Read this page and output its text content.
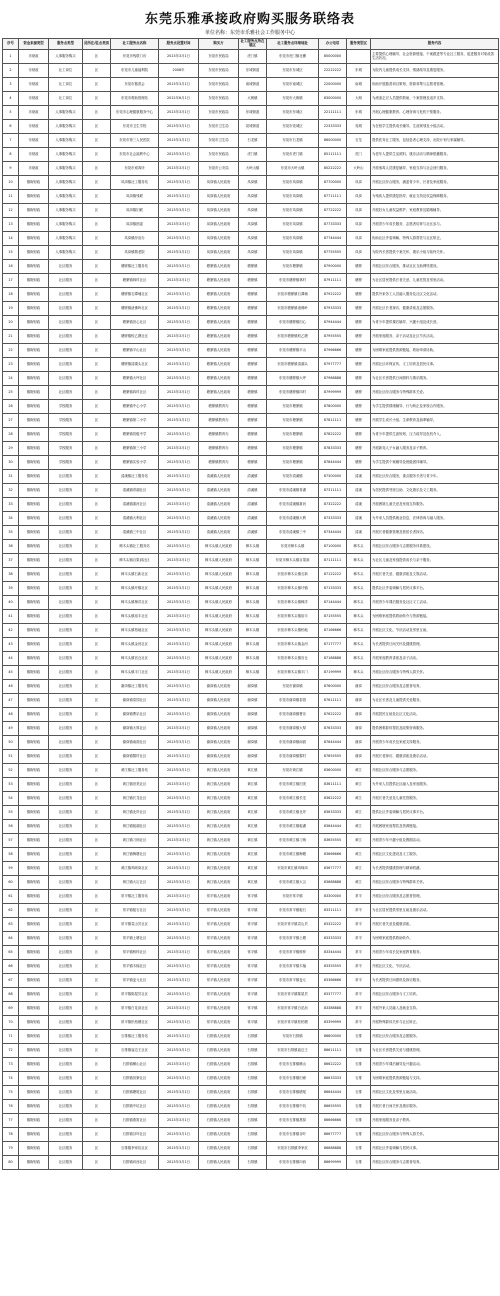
东莞乐雅承接政府购买服务联络表
单位名称：东莞市乐雅社会工作服务中心
序号	资金来源类型	服务点类型	员所在/驻点类别	社工服务点名称	服务点设置时间	购买方	社工服务点所在镇区	社工服务点详细地址	办公电话	服务类型区	服务内容
1	市财政	人事服务购买	区	东莞市残联门诊	2013年3月1日	东莞市民政局	虎门镇	东莞市虎门镇北栅	85000000		主要提供心理辅导、社会资源链接、个案跟进等专业社工服务，促进服务对象改善生活状况。
2	市财政	社工岗位	区	东莞市儿童福利院	2008年	东莞市民政局	东城街道	东莞市东城区	22222222	东城	为院内儿童提供成长支持、情绪疏导及康复服务。
3	市财政	社工岗位	区	东莞市慈善会	2013年3月1日	东莞市民政局	南城街道	东莞市南城区	22000000	南城	协助开展慈善项目策划、资源募集与志愿者管理。
4	市财政	社工岗位	区	东莞市救助管理站	2012年6月1日	东莞市民政局	大朗镇	东莞市大朗镇	83000000	大朗	为流浪乞讨人员提供救助、个案管理及返乡支持。
5	市财政	人事服务购买	区	东莞市心理健康服务中心	2013年3月1日	东莞市民政局	东城街道	东莞市东城区	22111111	东城	开展心理健康教育、心理咨询与危机干预服务。
6	市财政	人事服务购买	区	东莞市卫生学校	2013年3月1日	东莞市卫生局	莞城街道	东莞市莞城区	22333333	莞城	为在校学生提供成长辅导、生涯规划及小组活动。
7	市财政	人事服务购买	区	东莞市第三人民医院	2013年3月1日	东莞市卫生局	石龙镇	东莞市石龙镇	86000000	石龙	提供医务社工服务，包括患者心理支持、出院计划与家属辅导。
8	市财政	人事服务购买	区	东莞市社会福利中心	2013年3月1日	东莞市民政局	虎门镇	东莞市虎门镇	85111111	虎门	为老年人提供生活照料、康乐活动与精神慰藉服务。
9	市财政	人事服务购买	区	东莞市戒毒所	2013年3月1日	东莞市公安局	大岭山镇	东莞市大岭山镇	85222222	大岭山	开展戒毒人员康复辅导、家庭支持与社会回归服务。
10	镇街财政	人事服务购买	区	凤岗镇社工服务站	2013年3月1日	凤岗镇人民政府	凤岗镇	东莞市凤岗镇	87700000	凤岗	开展社区综合服务，涵盖青少年、长者及家庭服务。
11	镇街财政	人事服务购买	区	凤岗镇残联	2013年3月1日	凤岗镇人民政府	凤岗镇	东莞市凤岗镇	87711111	凤岗	为残疾人提供康复指导、就业支持及权益保障服务。
12	镇街财政	人事服务购买	区	凤岗镇妇联	2013年3月1日	凤岗镇人民政府	凤岗镇	东莞市凤岗镇	87722222	凤岗	开展妇女儿童权益维护、家庭教育及婚姻辅导。
13	镇街财政	人事服务购买	区	凤岗镇团委	2013年3月1日	凤岗镇人民政府	凤岗镇	东莞市凤岗镇	87733333	凤岗	开展青少年成长服务、志愿者培育与社区参与。
14	镇街财政	人事服务购买	区	凤岗镇综治办	2013年3月1日	凤岗镇人民政府	凤岗镇	东莞市凤岗镇	87744444	凤岗	协助社区矛盾调解、特殊人群帮扶与社区矫正。
15	镇街财政	人事服务购买	区	凤岗镇敬老院	2013年3月1日	凤岗镇人民政府	凤岗镇	东莞市凤岗镇	87755555	凤岗	为院内长者提供个案关怀、康乐小组与临终关怀。
16	镇街财政	社区服务	区	塘厦镇社工服务站	2013年3月1日	塘厦镇人民政府	塘厦镇	东莞市塘厦镇	87900000	塘厦	开展社区综合服务，推动社区互助网络建设。
17	镇街财政	社区服务	区	塘厦镇林村社区	2013年3月1日	塘厦镇人民政府	塘厦镇	东莞市塘厦镇林村	87911111	塘厦	为社区居民提供长者关爱、儿童托管及邻里活动。
18	镇街财政	社区服务	区	塘厦镇石潭埔社区	2013年3月1日	塘厦镇人民政府	塘厦镇	东莞市塘厦镇石潭埔	87922222	塘厦	提供外来务工人员融入服务及社区文化活动。
19	镇街财政	社区服务	区	塘厦镇诸佛岭社区	2013年3月1日	塘厦镇人民政府	塘厦镇	东莞市塘厦镇诸佛岭	87933333	塘厦	开展社区长者探访、健康讲座及志愿服务。
20	镇街财政	社区服务	区	塘厦镇田心社区	2013年3月1日	塘厦镇人民政府	塘厦镇	东莞市塘厦镇田心	87944444	塘厦	为青少年提供课后辅导、兴趣小组及成长营。
21	镇街财政	社区服务	区	塘厦镇蛟乙塘社区	2013年3月1日	塘厦镇人民政府	塘厦镇	东莞市塘厦镇蛟乙塘	87955555	塘厦	开展家庭服务、亲子活动及社区节庆活动。
22	镇街财政	社区服务	区	塘厦镇平山社区	2013年3月1日	塘厦镇人民政府	塘厦镇	东莞市塘厦镇平山	87966666	塘厦	为困难家庭提供资源链接、救助申请协助。
23	镇街财政	社区服务	区	塘厦镇清湖头社区	2013年3月1日	塘厦镇人民政府	塘厦镇	东莞市塘厦镇清湖头	87977777	塘厦	开展社区环保宣传、义工培育及居民议事。
24	镇街财政	社区服务	区	塘厦镇大坪社区	2013年3月1日	塘厦镇人民政府	塘厦镇	东莞市塘厦镇大坪	87988888	塘厦	为社区长者提供日间照料与康乐服务。
25	镇街财政	社区服务	区	塘厦镇四村社区	2013年3月1日	塘厦镇人民政府	塘厦镇	东莞市塘厦镇四村	87999999	塘厦	开展社区综合服务与特殊群体关爱。
26	镇街财政	学校服务	区	塘厦镇中心小学	2013年3月1日	塘厦镇教育办	塘厦镇	东莞市塘厦镇	87800000	塘厦	为学生提供情绪辅导、行为矫正及家校合作服务。
27	镇街财政	学校服务	区	塘厦镇第二小学	2013年3月1日	塘厦镇教育办	塘厦镇	东莞市塘厦镇	87811111	塘厦	开展学生成长小组、生命教育及朋辈辅导。
28	镇街财政	学校服务	区	塘厦镇初级中学	2013年3月1日	塘厦镇教育办	塘厦镇	东莞市塘厦镇	87822222	塘厦	为青少年提供生涯规划、压力疏导及危机介入。
29	镇街财政	学校服务	区	塘厦镇第三小学	2013年3月1日	塘厦镇教育办	塘厦镇	东莞市塘厦镇	87833333	塘厦	开展新莞人子女融入服务及亲子教育。
30	镇街财政	学校服务	区	塘厦镇实验小学	2013年3月1日	塘厦镇教育办	塘厦镇	东莞市塘厦镇	87844444	塘厦	为学生提供个案辅导及班级团体辅导。
31	镇街财政	社区服务	区	清溪镇社工服务站	2013年3月1日	清溪镇人民政府	清溪镇	东莞市清溪镇	87300000	清溪	开展社区综合服务，重点服务长者与青少年。
32	镇街财政	社区服务	区	清溪镇青湖社区	2013年3月1日	清溪镇人民政府	清溪镇	东莞市清溪镇青湖	87311111	清溪	为居民提供邻里互助、文化康乐及义工服务。
33	镇街财政	社区服务	区	清溪镇重河社区	2013年3月1日	清溪镇人民政府	清溪镇	东莞市清溪镇重河	87322222	清溪	开展困境儿童关爱及家庭支持服务。
34	镇街财政	社区服务	区	清溪镇大利社区	2013年3月1日	清溪镇人民政府	清溪镇	东莞市清溪镇大利	87333333	清溪	为外来人员提供就业信息、法律咨询与融入服务。
35	镇街财政	社区服务	区	清溪镇三中社区	2013年3月1日	清溪镇人民政府	清溪镇	东莞市清溪镇三中	87344444	清溪	开展长者健康管理及独居长者探访。
36	镇街财政	社区服务	区	樟木头镇社工服务站	2013年3月1日	樟木头镇人民政府	樟木头镇	东莞市樟木头镇	87100000	樟木头	开展社区综合服务与志愿服务体系建设。
37	镇街财政	社区服务	区	樟木头镇百果洞社区	2013年3月1日	樟木头镇人民政府	樟木头镇	东莞市樟木头镇百果洞	87111111	樟木头	为社区儿童及家庭提供成长与亲子服务。
38	镇街财政	社区服务	区	樟木头镇石新社区	2013年3月1日	樟木头镇人民政府	樟木头镇	东莞市樟木头镇石新	87122222	樟木头	开展长者关爱、健康讲座及文娱活动。
39	镇街财政	社区服务	区	樟木头镇圩镇社区	2013年3月1日	樟木头镇人民政府	樟木头镇	东莞市樟木头镇圩镇	87133333	樟木头	提供社区矛盾调解与居民议事平台。
40	镇街财政	社区服务	区	樟木头镇樟洋社区	2013年3月1日	樟木头镇人民政府	樟木头镇	东莞市樟木头镇樟洋	87144444	樟木头	开展青少年课后服务及社区义工活动。
41	镇街财政	社区服务	区	樟木头镇裕丰社区	2013年3月1日	樟木头镇人民政府	樟木头镇	东莞市樟木头镇裕丰	87155555	樟木头	为困难家庭提供救助转介与资源链接。
42	镇街财政	社区服务	区	樟木头镇柏地社区	2013年3月1日	樟木头镇人民政府	樟木头镇	东莞市樟木头镇柏地	87166666	樟木头	开展社区文化、节庆活动及邻里互助。
43	镇街财政	社区服务	区	樟木头镇金河社区	2013年3月1日	樟木头镇人民政府	樟木头镇	东莞市樟木头镇金河	87177777	樟木头	为长者提供日间关怀及健康管理。
44	镇街财政	社区服务	区	樟木头镇官仓社区	2013年3月1日	樟木头镇人民政府	樟木头镇	东莞市樟木头镇官仓	87188888	樟木头	开展家庭教育讲座及亲子活动。
45	镇街财政	社区服务	区	樟木头镇丰门社区	2013年3月1日	樟木头镇人民政府	樟木头镇	东莞市樟木头镇丰门	87199999	樟木头	开展社区综合服务与特殊人群关怀。
46	镇街财政	社区服务	区	谢岗镇社工服务站	2013年3月1日	谢岗镇人民政府	谢岗镇	东莞市谢岗镇	87600000	谢岗	开展社区综合服务及志愿者培育。
47	镇街财政	社区服务	区	谢岗镇泰园社区	2013年3月1日	谢岗镇人民政府	谢岗镇	东莞市谢岗镇泰园	87611111	谢岗	为社区长者及儿童提供关爱服务。
48	镇街财政	社区服务	区	谢岗镇曹乐社区	2013年3月1日	谢岗镇人民政府	谢岗镇	东莞市谢岗镇曹乐	87622222	谢岗	开展居民互助及社区文化活动。
49	镇街财政	社区服务	区	谢岗镇大厚社区	2013年3月1日	谢岗镇人民政府	谢岗镇	东莞市谢岗镇大厚	87633333	谢岗	提供困难群体帮扶及政策咨询服务。
50	镇街财政	社区服务	区	谢岗镇南面社区	2013年3月1日	谢岗镇人民政府	谢岗镇	东莞市谢岗镇南面	87644444	谢岗	开展青少年成长及家庭支持服务。
51	镇街财政	社区服务	区	谢岗镇黎村社区	2013年3月1日	谢岗镇人民政府	谢岗镇	东莞市谢岗镇黎村	87655555	谢岗	开展长者探访、健康讲座及康乐活动。
52	镇街财政	社区服务	区	黄江镇社工服务站	2013年3月1日	黄江镇人民政府	黄江镇	东莞市黄江镇	83600000	黄江	开展社区综合服务与志愿服务。
53	镇街财政	社区服务	区	黄江镇田美社区	2013年3月1日	黄江镇人民政府	黄江镇	东莞市黄江镇田美	83611111	黄江	为外来人员提供社区融入及家庭服务。
54	镇街财政	社区服务	区	黄江镇长龙社区	2013年3月1日	黄江镇人民政府	黄江镇	东莞市黄江镇长龙	83622222	黄江	开展长者关爱及儿童托管服务。
55	镇街财政	社区服务	区	黄江镇北岸社区	2013年3月1日	黄江镇人民政府	黄江镇	东莞市黄江镇北岸	83633333	黄江	提供社区矛盾调解与居民议事平台。
56	镇街财政	社区服务	区	黄江镇板湖社区	2013年3月1日	黄江镇人民政府	黄江镇	东莞市黄江镇板湖	83644444	黄江	开展困境家庭帮扶及资源链接。
57	镇街财政	社区服务	区	黄江镇刁朗社区	2013年3月1日	黄江镇人民政府	黄江镇	东莞市黄江镇刁朗	83655555	黄江	开展青少年兴趣小组及假期活动。
58	镇街财政	社区服务	区	黄江镇梅塘社区	2013年3月1日	黄江镇人民政府	黄江镇	东莞市黄江镇梅塘	83666666	黄江	开展社区文化建设及义工服务。
59	镇街财政	社区服务	区	黄江镇鸡啼岗社区	2013年3月1日	黄江镇人民政府	黄江镇	东莞市黄江镇鸡啼岗	83677777	黄江	为长者提供健康管理与精神慰藉。
60	镇街财政	社区服务	区	黄江镇大冚社区	2013年3月1日	黄江镇人民政府	黄江镇	东莞市黄江镇大冚	83688888	黄江	开展社区综合服务与特殊群体关怀。
61	镇街财政	社区服务	区	常平镇社工服务站	2013年3月1日	常平镇人民政府	常平镇	东莞市常平镇	83300000	常平	开展社区综合服务及志愿者管理。
62	镇街财政	社区服务	区	常平镇板石社区	2013年3月1日	常平镇人民政府	常平镇	东莞市常平镇板石	83311111	常平	为社区居民提供邻里互助及康乐活动。
63	镇街财政	社区服务	区	常平镇袁山贝社区	2013年3月1日	常平镇人民政府	常平镇	东莞市常平镇袁山贝	83322222	常平	开展长者关爱及健康讲座。
64	镇街财政	社区服务	区	常平镇土塘社区	2013年3月1日	常平镇人民政府	常平镇	东莞市常平镇土塘	83333333	常平	为困难家庭提供救助转介。
65	镇街财政	社区服务	区	常平镇桥梓社区	2013年3月1日	常平镇人民政府	常平镇	东莞市常平镇桥梓	83344444	常平	开展青少年成长及家庭教育服务。
66	镇街财政	社区服务	区	常平镇木棆社区	2013年3月1日	常平镇人民政府	常平镇	东莞市常平镇木棆	83355555	常平	开展社区文化、节庆活动。
67	镇街财政	社区服务	区	常平镇麦元社区	2013年3月1日	常平镇人民政府	常平镇	东莞市常平镇麦元	83366666	常平	为长者提供日间照料及探访服务。
68	镇街财政	社区服务	区	常平镇陈屋贝社区	2013年3月1日	常平镇人民政府	常平镇	东莞市常平镇陈屋贝	83377777	常平	开展社区综合服务与义工培育。
69	镇街财政	社区服务	区	常平镇白花沥社区	2013年3月1日	常平镇人民政府	常平镇	东莞市常平镇白花沥	83388888	常平	开展外来人员融入及就业支持。
70	镇街财政	社区服务	区	常平镇松柏塘社区	2013年3月1日	常平镇人民政府	常平镇	东莞市常平镇松柏塘	83399999	常平	开展特殊群体关怀与社区矫正。
71	镇街财政	社区服务	区	石排镇社工服务站	2013年3月1日	石排镇人民政府	石排镇	东莞市石排镇	86600000	石排	开展社区综合服务及志愿服务。
72	镇街财政	社区服务	区	石排镇庙边王社区	2013年3月1日	石排镇人民政府	石排镇	东莞市石排镇庙边王	86611111	石排	为社区长者提供关爱与健康管理。
73	镇街财政	社区服务	区	石排镇横山社区	2013年3月1日	石排镇人民政府	石排镇	东莞市石排镇横山	86622222	石排	开展青少年课后辅导及兴趣活动。
74	镇街财政	社区服务	区	石排镇田寮社区	2013年3月1日	石排镇人民政府	石排镇	东莞市石排镇田寮	86633333	石排	为困难家庭提供资源链接与支持。
75	镇街财政	社区服务	区	石排镇塘尾社区	2013年3月1日	石排镇人民政府	石排镇	东莞市石排镇塘尾	86644444	石排	开展社区文化及邻里互助活动。
76	镇街财政	社区服务	区	石排镇中坑社区	2013年3月1日	石排镇人民政府	石排镇	东莞市石排镇中坑	86655555	石排	开展长者日间关怀及康乐服务。
77	镇街财政	社区服务	区	石排镇燕窝社区	2013年3月1日	石排镇人民政府	石排镇	东莞市石排镇燕窝	86666666	石排	开展家庭服务及亲子教育。
78	镇街财政	社区服务	区	石排镇谷吓社区	2013年3月1日	石排镇人民政府	石排镇	东莞市石排镇谷吓	86677777	石排	开展社区综合服务与特殊人群关怀。
79	镇街财政	社区服务	区	石排镇李家坑社区	2013年3月1日	石排镇人民政府	石排镇	东莞市石排镇李家坑	86688888	石排	开展社区矛盾调解与居民议事。
80	镇街财政	社区服务	区	石排镇向西社区	2013年3月1日	石排镇人民政府	石排镇	东莞市石排镇向西	86699999	石排	开展社区综合服务与志愿者培育。
